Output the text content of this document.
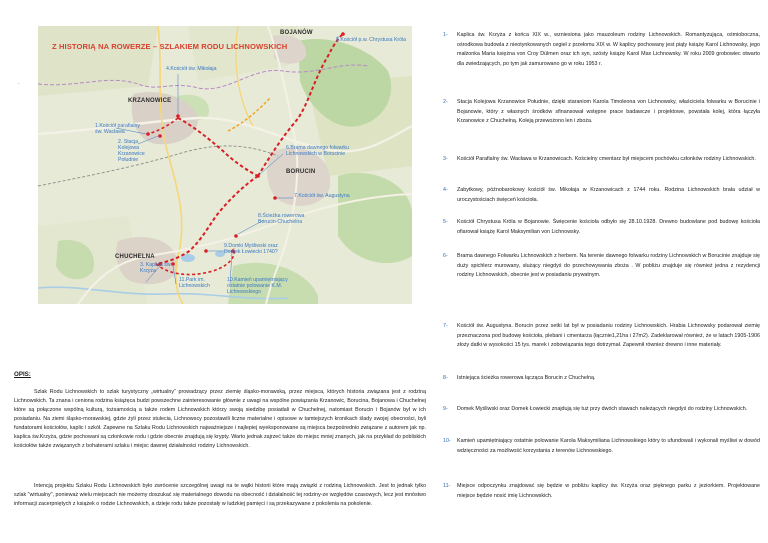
Z HISTORIĄ NA ROWERZE – SZLAKIEM RODU LICHNOWSKICH
BOJANÓW
KRZANOWICE
BORUCIN
CHUCHELNA
1.Kościół parafialny św. Wacława
2. Stacja Kolejowa Krzanowice Południe
3. Kaplica św. Krzyża
4.Kościół św. Mikołaja
5.Kościół p.w. Chrystusa Króla
6.Brama dawnego folwarku Lichnowskich w Borucinie
7.Kościół św. Augustyna
8.Ścieżka rowerowa Borucin-Chuchelna
9.Domki Myśliwski oraz Domek Łowiecki 1740?
10.Kamień upamiętniający ostatnie polowanie K.M. Lichnowskiego
11.Park im. Lichnowskich
.
OPIS:

Szlak Rodu Lichnowskich to szlak turystyczny „wirtualny” prowadzący przez ziemię śląsko-morawską, przez miejsca, których historia związana jest z rodziną Lichnowskich. Ta znana i ceniona rodzina książęca budzi powszechne zainteresowanie głównie z uwagi na wspólne powiązania Krzanowic, Borucina, Bojanowa i Chuchelnej które są połączone wspólną kulturą, tożsamością a także rodem Lichnowskich którzy swoją siedzibę posiadali w Chuchelnej, natomiast Borucin i Bojanów był w ich posiadaniu. Na ziemi śląsko-morawskiej, gdzie żyli przez stulecia, Lichnowscy pozostawili liczne materialne i opisowe w tamtejszych kronikach ślady swojej obecności, byli fundatorami kościołów, kaplic i szkół. Zapewne na Szlaku Rodu Lichnowskich najważniejsze i najlepiej wyeksponowane są miejsca bezpośrednio związane z autorem jak np. kaplica św.Krzyża, gdzie pochowani są członkowie rodu i gdzie obecnie znajdują się krypty. Warto jednak zajrzeć także do miejsc mniej znanych, jak na przykład do pobliskich kościołów także związanych z bohaterami szlaku i miejsc dawnej działalności rodziny Lichnowskich.

Intencją projektu Szlaku Rodu Lichnowskich było zwrócenie szczególnej uwagi na te wątki historii które mają związki z rodziną Lichnowskich. Jest to jednak tylko szlak "wirtualny", ponieważ wielu miejscach nie możemy doszukać się materialnego dowodu na obecność i działalność tej rodziny-ze względów czasowych, lecz jest mnóstwo informacji zacerpniętych z książek o rodzie Lichnowskich, a dzieje rodu także pozostały w ludzkiej pamięci i są przekazywane z pokolenia na pokolenie.

1-	Kaplica św. Krzyża z końca XIX w., wzniesiona jako mauzoleum rodziny Lichnowskich. Romantyzująca, ośmioboczna, ośrodkowa budowla z nieotynkowanych cegieł z przełomu XIX w. W kaplicy pochowany jest piąty książę Karol Lichnowsky, jego małżonka Maria księżna von Croy Dülmen oraz ich syn, szósty książę Karol Max Lichnowsky. W roku 2009 grobowiec otwarto dla zwiedzających, po tym jak zamurowano go w roku 1953 r.
2-	Stacja Kolejowa Krzanowice Południe, dzięki staraniom Karola Timoleona von Lichnowsky, właściciela folwarku w Borucinie i Bojanowie, który z własnych środków sfinansował wstępne prace badawcze i projektowe, powstała kolej, która łączyła Krzanowice z Chuchelną. Koleją przewożono len i zboża.
3-	Kościół Parafialny św. Wacława w Krzanowicach. Kościelny cmentarz był miejscem pochówku członków rodziny Lichnowskich.
4-	Zabytkowy, późnobarokowy kościół św. Mikołaja w Krzanowicach z 1744 roku. Rodzina Lichnowskich brała udział w uroczystościach święceń kościoła.
5-	Kościół Chrystusa Króla w Bojanowie. Święcenie kościoła odbyło się 28.10.1928. Drewno budowlane pod budowę kościoła ofiarował książę Karol Maksymilian von Lichnowsky.
6-	Brama dawnego Folwarku Lichnowskich z herbem. Na terenie dawnego folwarku rodziny Lichnowskich w Borucinie znajduje się duży spichlerz murowany, służący niegdyś do przechowywania zboża . W pobliżu znajduje się również jedna z rezydencji rodziny Lichnowskich, obecnie jest w posiadaniu prywatnym.
7-	Kościół św. Augustyna. Borucin przez setki lat był w posiadaniu rodziny Lichnowskich. Hrabia Lichnowsky podarował ziemię przeznaczona pod budowę kościoła, plebani i cmentarza (łącznie1,21ha i 27m2). Zadeklarował również, że w latach 1905-1906 złoży datki w wysokości 15 tys. marek i zobowiązania tego dotrzymał. Zapewnił również drewno i inne materiały.
8-	Istniejąca ścieżka rowerowa łącząca Borucin z Chuchelną.
9-	Domek Myśliwski oraz Domek Łowiecki znajdują się tuż przy dwóch stawach należących niegdyś do rodziny Lichnowskich.
10-	Kamień upamiętniający ostatnie polowanie Karola Maksymiliana Lichnowskiego który to ufundowali i wykonali myśliwi w dowód wdzięczności za możliwość korzystania z terenów Lichnowskiego.
11-	Miejsce odpoczynku znajdować się będzie w pobliżu kaplicy św. Krzyża oraz pięknego parku z jeziorkiem. Projektowane miejsce będzie nosić imię Lichnowskich.
